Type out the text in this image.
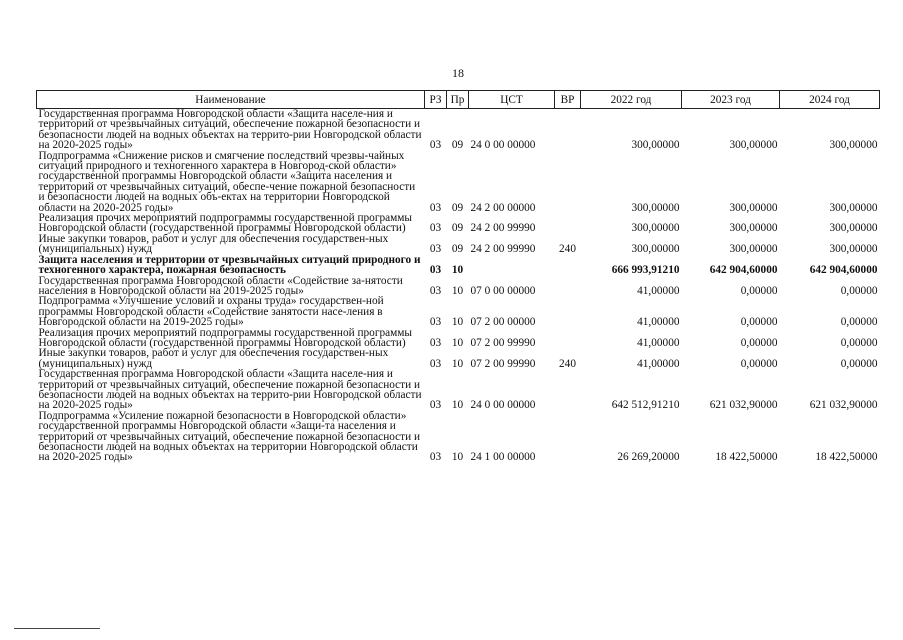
18
Наименование	РЗ	Пр	ЦСТ	ВР	2022 год	2023 год	2024 год
Государственная программа Новгородской области «Защита населе-ния и территорий от чрезвычайных ситуаций, обеспечение пожарной безопасности и безопасности людей на водных объектах на террито-рии Новгородской области на 2020-2025 годы»	03	09	24 0 00 00000		300,00000	300,00000	300,00000
Подпрограмма «Снижение рисков и смягчение последствий чрезвы-чайных ситуаций природного и техногенного характера в Новгород-ской области» государственной программы Новгородской области «Защита населения и территорий от чрезвычайных ситуаций, обеспе-чение пожарной безопасности и безопасности людей на водных объ-ектах на территории Новгородской области на 2020-2025 годы»	03	09	24 2 00 00000		300,00000	300,00000	300,00000
Реализация прочих мероприятий подпрограммы государственной программы Новгородской области (государственной программы Новгородской области)	03	09	24 2 00 99990		300,00000	300,00000	300,00000
Иные закупки товаров, работ и услуг для обеспечения государствен-ных (муниципальных) нужд	03	09	24 2 00 99990	240	300,00000	300,00000	300,00000
Защита населения и территории от чрезвычайных ситуаций природного и техногенного характера, пожарная безопасность	03	10			666 993,91210	642 904,60000	642 904,60000
Государственная программа Новгородской области «Содействие за-нятости населения в Новгородской области на 2019-2025 годы»	03	10	07 0 00 00000		41,00000	0,00000	0,00000
Подпрограмма «Улучшение условий и охраны труда» государствен-ной программы Новгородской области «Содействие занятости насе-ления в Новгородской области на 2019-2025 годы»	03	10	07 2 00 00000		41,00000	0,00000	0,00000
Реализация прочих мероприятий подпрограммы государственной программы Новгородской области (государственной программы Новгородской области)	03	10	07 2 00 99990		41,00000	0,00000	0,00000
Иные закупки товаров, работ и услуг для обеспечения государствен-ных (муниципальных) нужд	03	10	07 2 00 99990	240	41,00000	0,00000	0,00000
Государственная программа Новгородской области «Защита населе-ния и территорий от чрезвычайных ситуаций, обеспечение пожарной безопасности и безопасности людей на водных объектах на террито-рии Новгородской области на 2020-2025 годы»	03	10	24 0 00 00000		642 512,91210	621 032,90000	621 032,90000
Подпрограмма «Усиление пожарной безопасности в Новгородской области» государственной программы Новгородской области «Защи-та населения и территорий от чрезвычайных ситуаций, обеспечение пожарной безопасности и безопасности людей на водных объектах на территории Новгородской области на 2020-2025 годы»	03	10	24 1 00 00000		26 269,20000	18 422,50000	18 422,50000
